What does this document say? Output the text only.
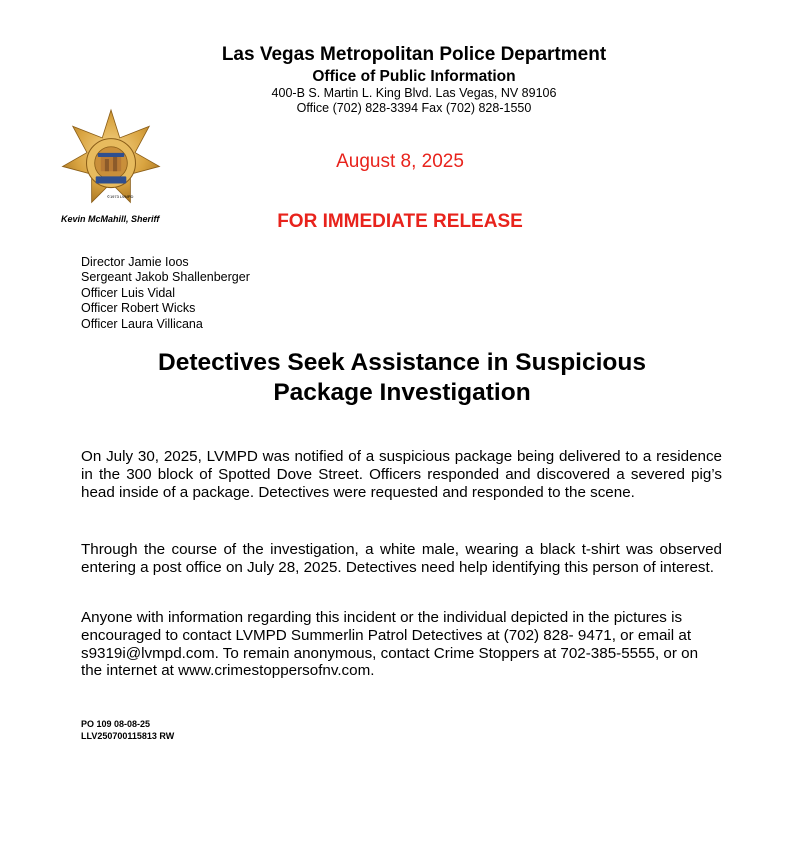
Las Vegas Metropolitan Police Department
Office of Public Information
400-B S. Martin L. King Blvd. Las Vegas, NV 89106
Office (702) 828-3394 Fax (702) 828-1550
©1973 LVMPD
Kevin McMahill, Sheriff
August 8, 2025
FOR IMMEDIATE RELEASE
Director Jamie Ioos
Sergeant Jakob Shallenberger
Officer Luis Vidal
Officer Robert Wicks
Officer Laura Villicana
Detectives Seek Assistance in Suspicious
Package Investigation
On July 30, 2025, LVMPD was notified of a suspicious package being delivered to a residence in the 300 block of Spotted Dove Street. Officers responded and discovered a severed pig’s head inside of a package. Detectives were requested and responded to the scene.
Through the course of the investigation, a white male, wearing a black t-shirt was observed entering a post office on July 28, 2025. Detectives need help identifying this person of interest.
Anyone with information regarding this incident or the individual depicted in the pictures is encouraged to contact LVMPD Summerlin Patrol Detectives at (702) 828- 9471, or email at s9319i@lvmpd.com. To remain anonymous, contact Crime Stoppers at 702-385-5555, or on the internet at www.crimestoppersofnv.com.
PO 109 08-08-25
LLV250700115813 RW
